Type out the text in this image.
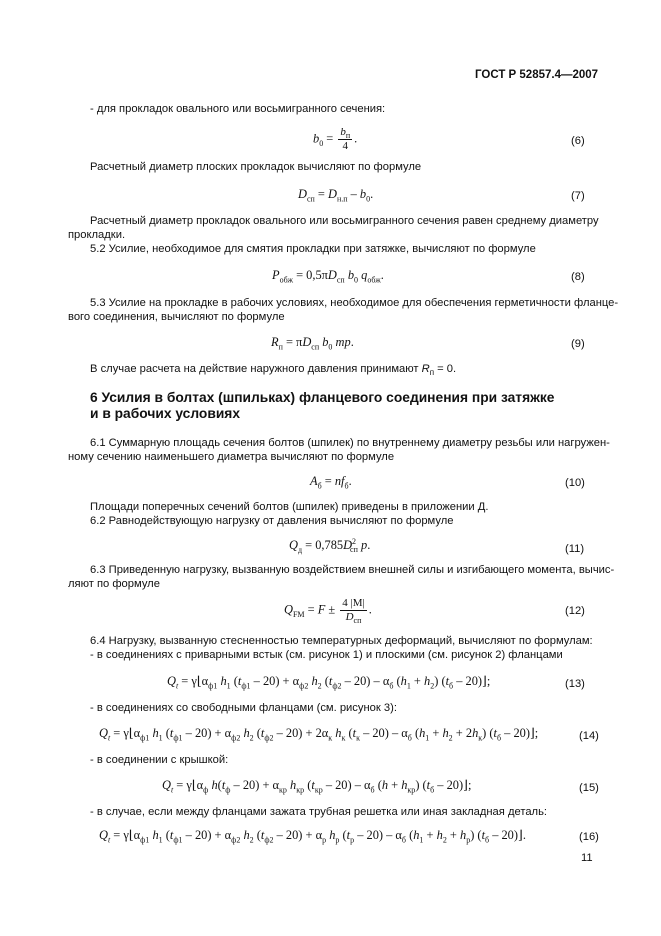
ГОСТ Р 52857.4—2007
- для прокладок овального или восьмигранного сечения:
$b_0 = \frac{b_п}{4}$ .	(6)
Расчетный диаметр плоских прокладок вычисляют по формуле
$D_{сп} = D_{н.п} - b_0$.	(7)
Расчетный диаметр прокладок овального или восьмигранного сечения равен среднему диаметру
прокладки.
5.2 Усилие, необходимое для смятия прокладки при затяжке, вычисляют по формуле
$P_{обж} = 0,5\pi D_{сп}$ $b_0$ $q_{обж}$.	(8)
5.3 Усилие на прокладке в рабочих условиях, необходимое для обеспечения герметичности фланце-
вого соединения, вычисляют по формуле
$R_п = \pi D_{сп}$ $b_0$ mp.	(9)
В случае расчета на действие наружного давления принимают $R_п = 0$.
6 Усилия в болтах (шпильках) фланцевого соединения при затяжке
и в рабочих условиях
6.1 Суммарную площадь сечения болтов (шпилек) по внутреннему диаметру резьбы или нагружен-
ному сечению наименьшего диаметра вычисляют по формуле
$A_б = nf_б$.	(10)
Площади поперечных сечений болтов (шпилек) приведены в приложении Д.
6.2 Равнодействующую нагрузку от давления вычисляют по формуле
$Q_д = 0,785D^2_{сп}$ p.	(11)
6.3 Приведенную нагрузку, вызванную воздействием внешней силы и изгибающего момента, вычис-
ляют по формуле
$Q_{FM} = F \pm \frac{4 |M|}{D_{сп}}$ .	(12)
6.4 Нагрузку, вызванную стесненностью температурных деформаций, вычисляют по формулам:
- в соединениях с приварными встык (см. рисунок 1) и плоскими (см. рисунок 2) фланцами
$Q_t$ = $\gamma⌊\alpha_{ф1}$ $h_1$ $(t_{ф1} - 20) + \alpha_{ф2}$ $h_2$ $(t_{ф2} - 20) - \alpha_б$ $(h_1 + h_2)$ ($t_б$ – 20)⌋;	(13)
- в соединениях со свободными фланцами (см. рисунок 3):
$Q_t$ = $\gamma⌊\alpha_{ф1}$ $h_1$ $(t_{ф1} - 20) + \alpha_{ф2}$ $h_2$ $(t_{ф2} - 20) + 2\alpha_к$ $h_к$ $(t_к - 20) - \alpha_б$ $(h_1 + h_2 + 2h_к)$ ($t_б$ – 20)⌋;	(14)
- в соединении с крышкой:
$Q_t$ = $\gamma⌊\alpha_ф$ $h(t_ф - 20) + \alpha_{кр}$ $h_{кр}$ $(t_{кр} - 20) - \alpha_б$ $(h + h_{кр})$ ($t_б$ – 20)⌋;	(15)
- в случае, если между фланцами зажата трубная решетка или иная закладная деталь:
$Q_t$ = $\gamma⌊\alpha_{ф1}$ $h_1$ $(t_{ф1} - 20) + \alpha_{ф2}$ $h_2$ $(t_{ф2} - 20) + \alpha_р$ $h_р$ $(t_р - 20) - \alpha_б$ $(h_1 + h_2 + h_р)$ ($t_б$ – 20)⌋.	(16)
11
